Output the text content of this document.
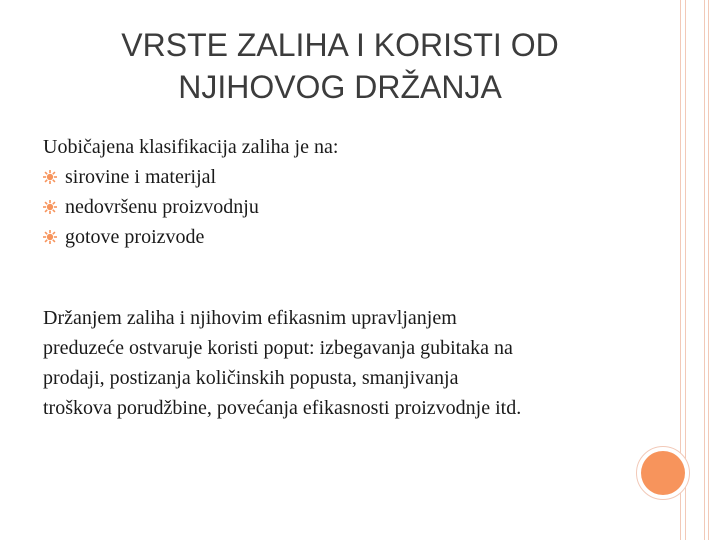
VRSTE ZALIHA I KORISTI OD
NJIHOVOG DRŽANJA
Uobičajena klasifikacija zaliha je na:
sirovine i materijal
nedovršenu proizvodnju
gotove proizvode
Držanjem zaliha i njihovim efikasnim upravljanjem
preduzeće ostvaruje koristi poput: izbegavanja gubitaka na
prodaji, postizanja količinskih popusta, smanjivanja
troškova porudžbine, povećanja efikasnosti proizvodnje itd.
